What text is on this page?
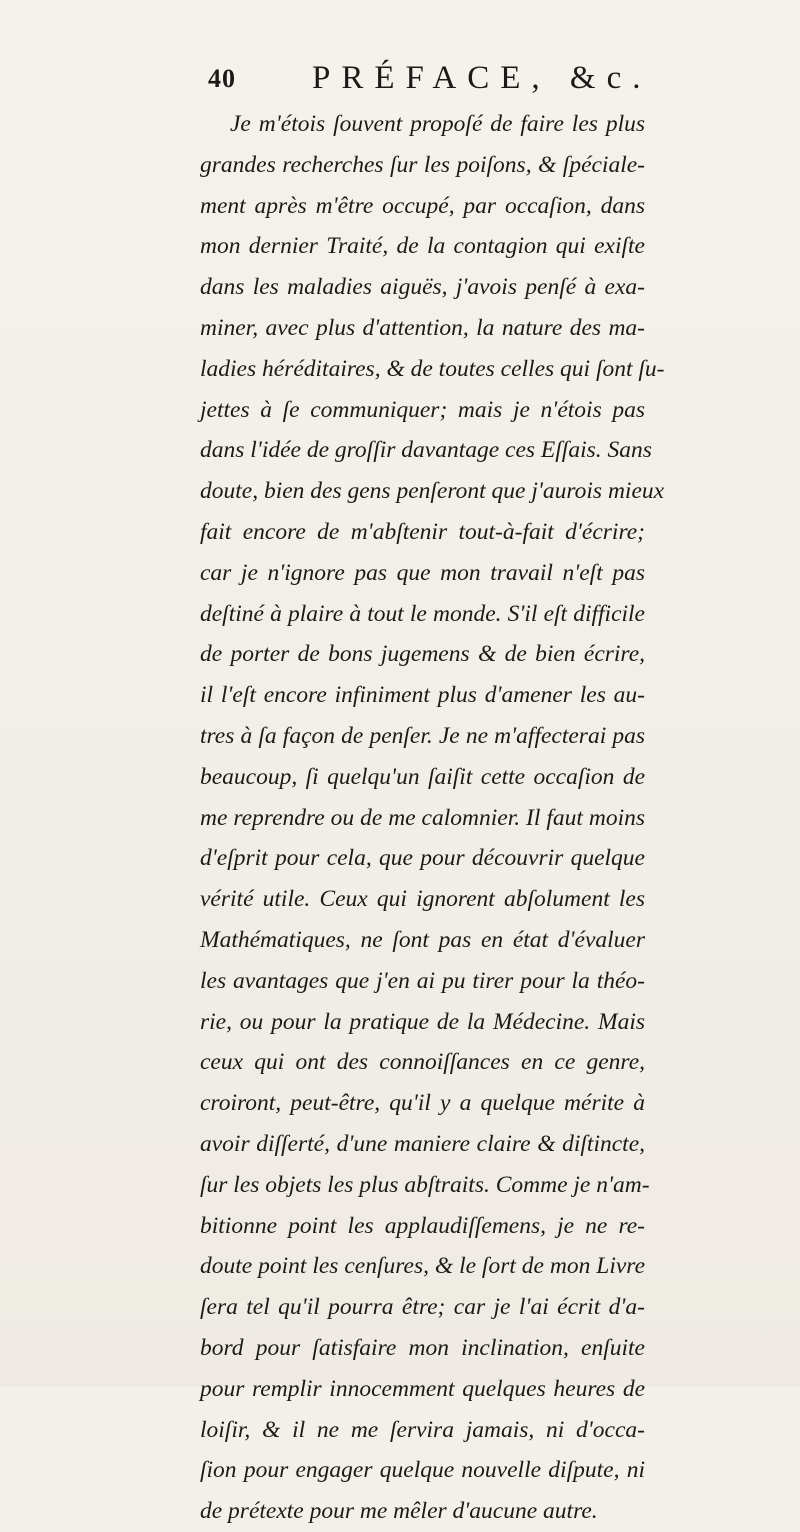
40 PRÉFACE, &c.
Je m'étois ſouvent propoſé de faire les plus
grandes recherches ſur les poiſons, & ſpéciale-
ment après m'être occupé, par occaſion, dans
mon dernier Traité, de la contagion qui exiſte
dans les maladies aiguës, j'avois penſé à exa-
miner, avec plus d'attention, la nature des ma-
ladies héréditaires, & de toutes celles qui ſont ſu-
jettes à ſe communiquer; mais je n'étois pas
dans l'idée de groſſir davantage ces Eſſais. Sans
doute, bien des gens penſeront que j'aurois mieux
fait encore de m'abſtenir tout-à-fait d'écrire;
car je n'ignore pas que mon travail n'eſt pas
deſtiné à plaire à tout le monde. S'il eſt difficile
de porter de bons jugemens & de bien écrire,
il l'eſt encore infiniment plus d'amener les au-
tres à ſa façon de penſer. Je ne m'affecterai pas
beaucoup, ſi quelqu'un ſaiſit cette occaſion de
me reprendre ou de me calomnier. Il faut moins
d'eſprit pour cela, que pour découvrir quelque
vérité utile. Ceux qui ignorent abſolument les
Mathématiques, ne ſont pas en état d'évaluer
les avantages que j'en ai pu tirer pour la théo-
rie, ou pour la pratique de la Médecine. Mais
ceux qui ont des connoiſſances en ce genre,
croiront, peut-être, qu'il y a quelque mérite à
avoir diſſerté, d'une maniere claire & diſtincte,
ſur les objets les plus abſtraits. Comme je n'am-
bitionne point les applaudiſſemens, je ne re-
doute point les cenſures, & le ſort de mon Livre
ſera tel qu'il pourra être; car je l'ai écrit d'a-
bord pour ſatisfaire mon inclination, enſuite
pour remplir innocemment quelques heures de
loiſir, & il ne me ſervira jamais, ni d'occa-
ſion pour engager quelque nouvelle diſpute, ni
de prétexte pour me mêler d'aucune autre.
